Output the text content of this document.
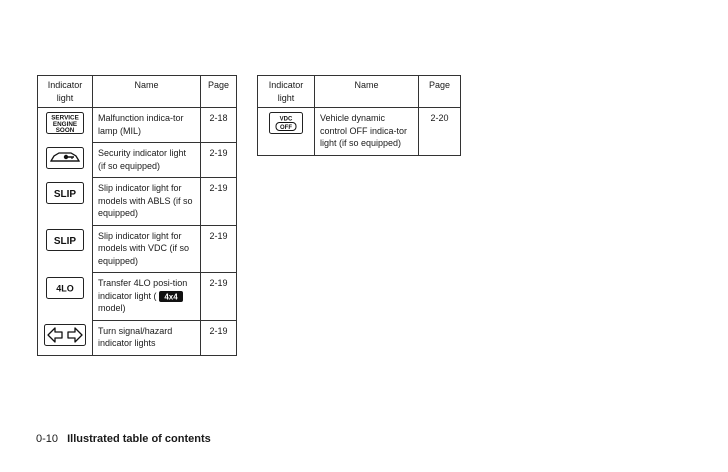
Indicator light	Name	Page

SERVICE
ENGINE
SOON	Malfunction indica-tor lamp (MIL)	2-18
	Security indicator light (if so equipped)	2-19

SLIP	Slip indicator light for models with ABLS (if so equipped)	2-19

SLIP	Slip indicator light for models with VDC (if so equipped)	2-19

4LO	Transfer 4LO posi-tion indicator light ( 4x4
model)	2-19
	Turn signal/hazard indicator lights	2-19
Indicator light	Name	Page

VDC
OFF	Vehicle dynamic control OFF indica-tor light (if so equipped)	2-20
0-10 Illustrated table of contents
